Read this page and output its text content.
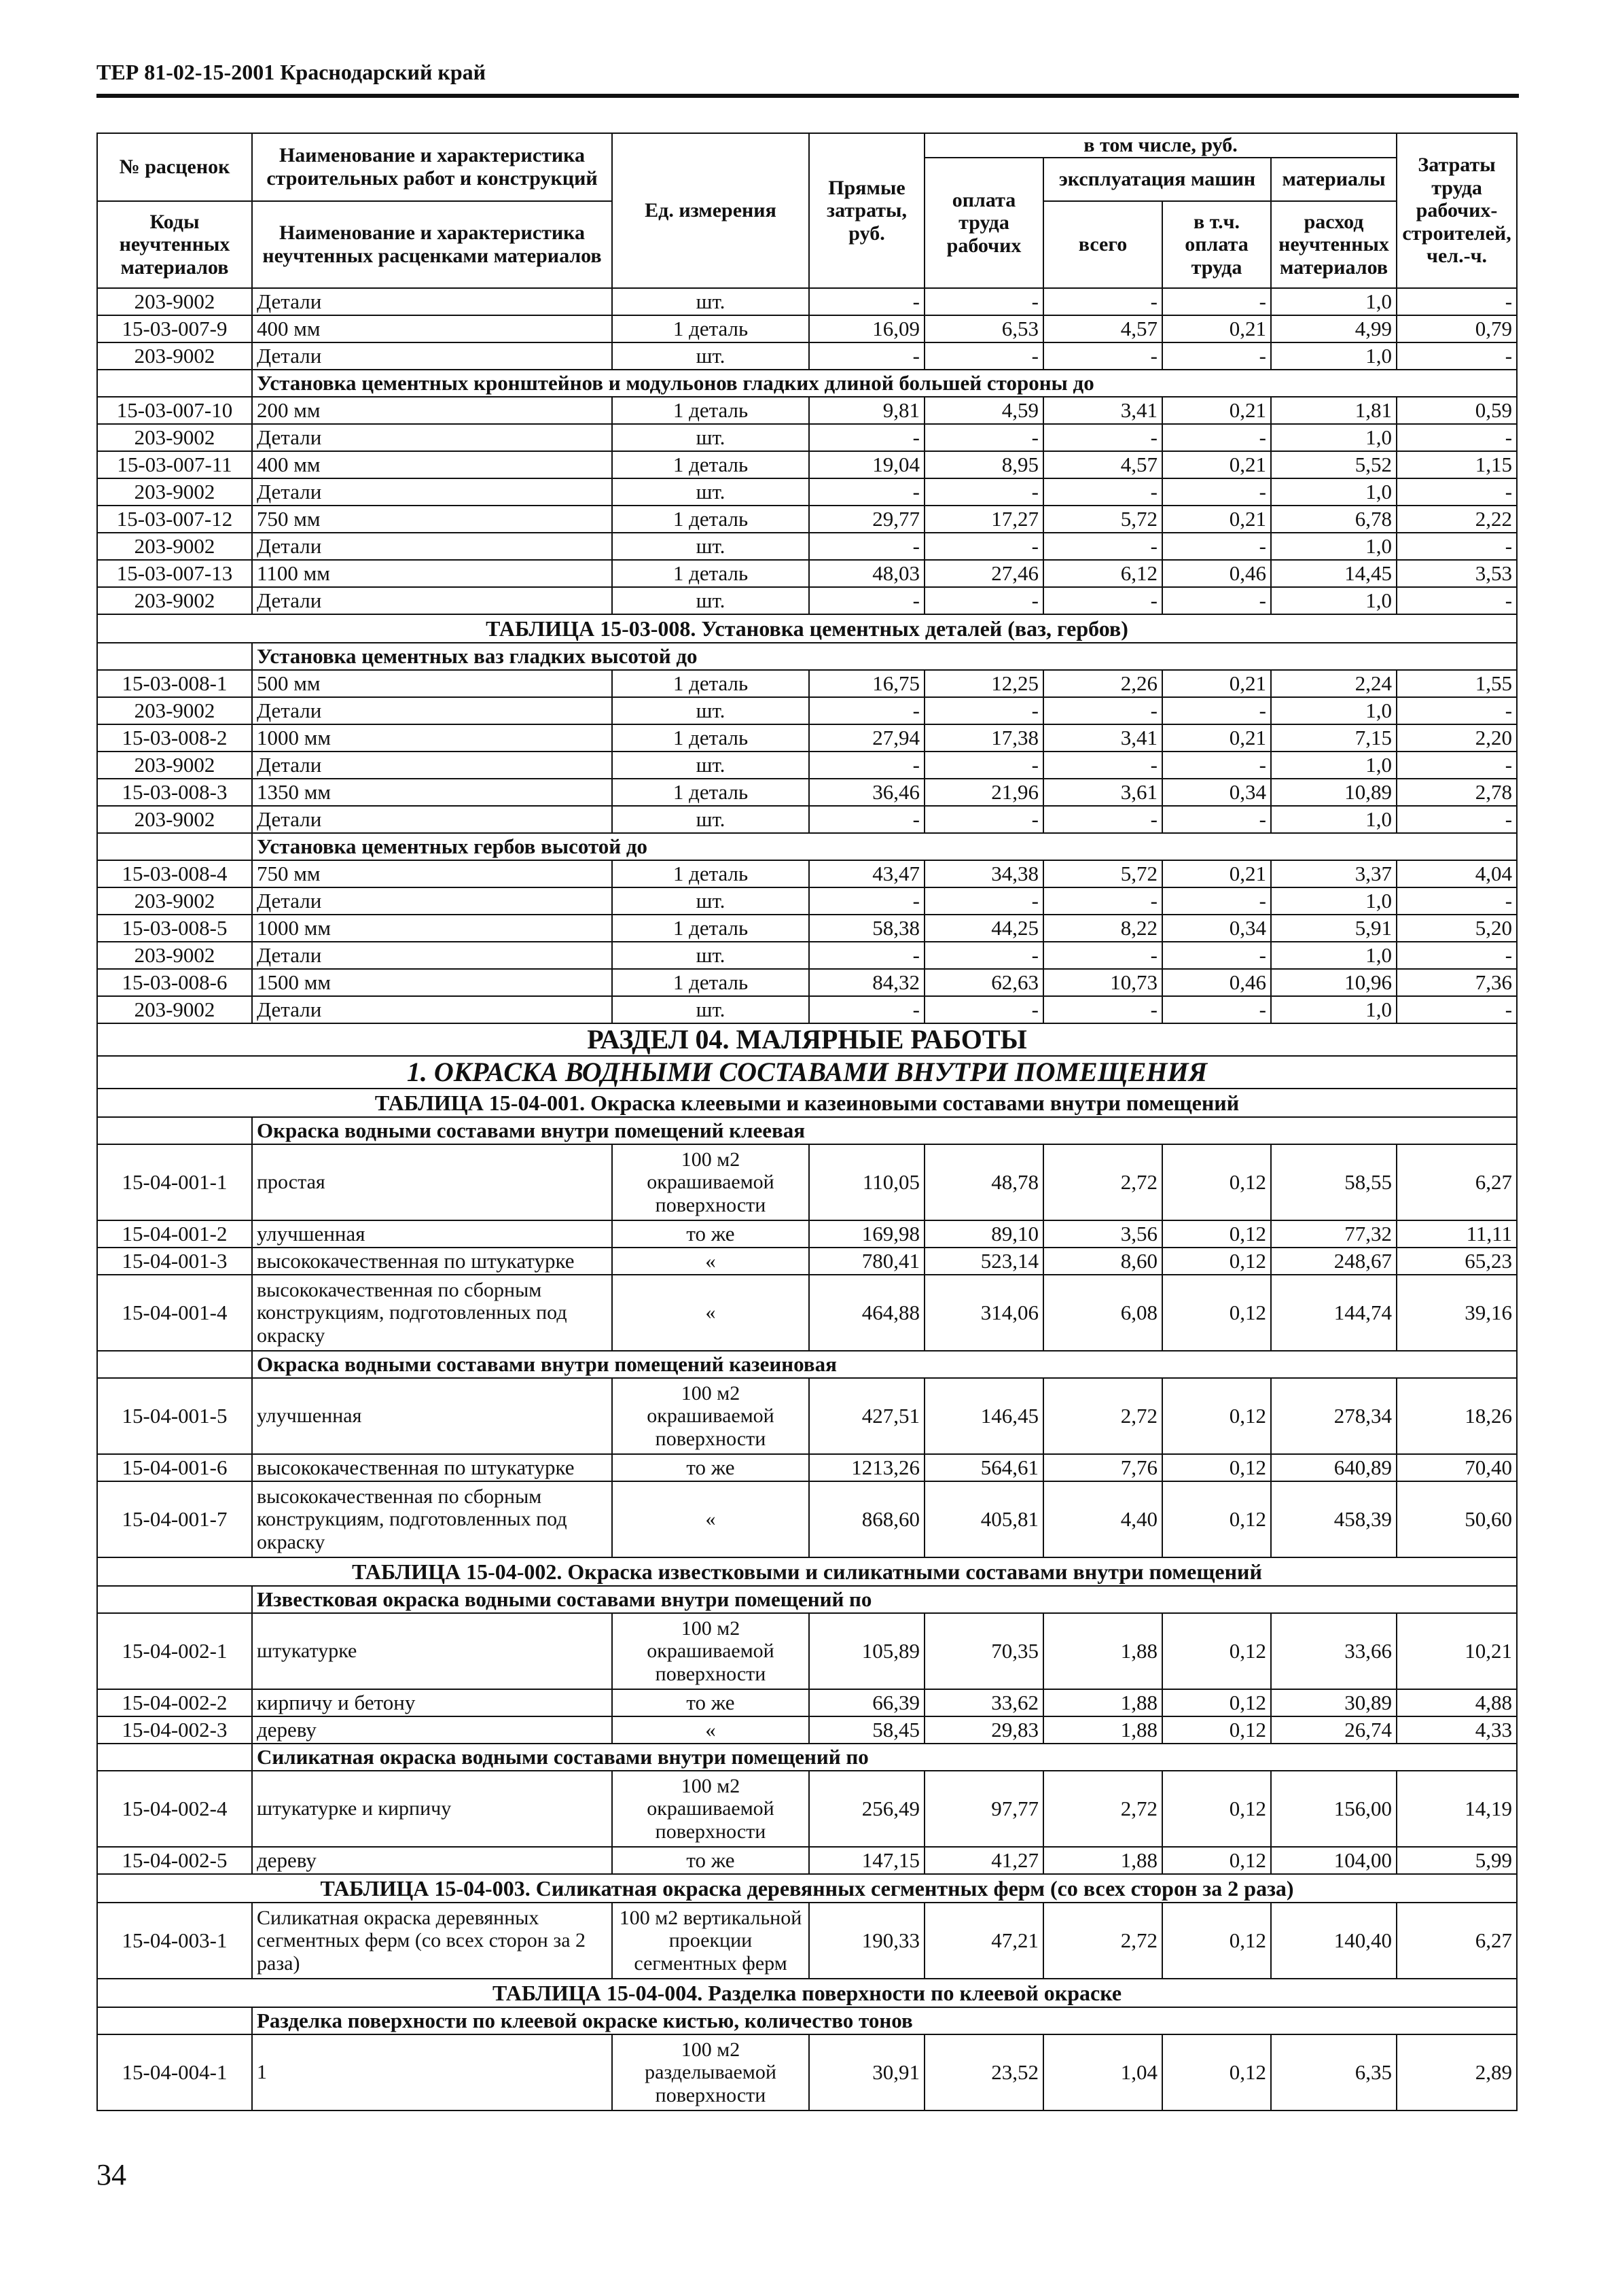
ТЕР 81-02-15-2001 Краснодарский край
№ расценок	Наименование и характеристика строительных работ и конструкций	Ед. измерения	Прямые затраты, руб.	в том числе, руб.				Затраты труда рабочих-строителей, чел.-ч.
				оплата труда рабочих	эксплуатация машин		материалы	

Коды неучтенных материалов	Наименование и характеристика неучтенных расценками материалов				всего	в т.ч. оплата труда	расход неучтенных материалов	

203-9002	Детали	шт.	-	-	-	-	1,0	-
15-03-007-9	400 мм	1 деталь	16,09	6,53	4,57	0,21	4,99	0,79
203-9002	Детали	шт.	-	-	-	-	1,0	-
	Установка цементных кронштейнов и модульонов гладких длиной большей стороны до							
15-03-007-10	200 мм	1 деталь	9,81	4,59	3,41	0,21	1,81	0,59
203-9002	Детали	шт.	-	-	-	-	1,0	-
15-03-007-11	400 мм	1 деталь	19,04	8,95	4,57	0,21	5,52	1,15
203-9002	Детали	шт.	-	-	-	-	1,0	-
15-03-007-12	750 мм	1 деталь	29,77	17,27	5,72	0,21	6,78	2,22
203-9002	Детали	шт.	-	-	-	-	1,0	-
15-03-007-13	1100 мм	1 деталь	48,03	27,46	6,12	0,46	14,45	3,53
203-9002	Детали	шт.	-	-	-	-	1,0	-
ТАБЛИЦА 15-03-008. Установка цементных деталей (ваз, гербов)								
	Установка цементных ваз гладких высотой до							
15-03-008-1	500 мм	1 деталь	16,75	12,25	2,26	0,21	2,24	1,55
203-9002	Детали	шт.	-	-	-	-	1,0	-
15-03-008-2	1000 мм	1 деталь	27,94	17,38	3,41	0,21	7,15	2,20
203-9002	Детали	шт.	-	-	-	-	1,0	-
15-03-008-3	1350 мм	1 деталь	36,46	21,96	3,61	0,34	10,89	2,78
203-9002	Детали	шт.	-	-	-	-	1,0	-
	Установка цементных гербов высотой до							
15-03-008-4	750 мм	1 деталь	43,47	34,38	5,72	0,21	3,37	4,04
203-9002	Детали	шт.	-	-	-	-	1,0	-
15-03-008-5	1000 мм	1 деталь	58,38	44,25	8,22	0,34	5,91	5,20
203-9002	Детали	шт.	-	-	-	-	1,0	-
15-03-008-6	1500 мм	1 деталь	84,32	62,63	10,73	0,46	10,96	7,36
203-9002	Детали	шт.	-	-	-	-	1,0	-
РАЗДЕЛ 04. МАЛЯРНЫЕ РАБОТЫ								
1. ОКРАСКА ВОДНЫМИ СОСТАВАМИ ВНУТРИ ПОМЕЩЕНИЯ								
ТАБЛИЦА 15-04-001. Окраска клеевыми и казеиновыми составами внутри помещений								
	Окраска водными составами внутри помещений клеевая							
15-04-001-1	простая	100 м2 окрашиваемой поверхности	110,05	48,78	2,72	0,12	58,55	6,27
15-04-001-2	улучшенная	то же	169,98	89,10	3,56	0,12	77,32	11,11
15-04-001-3	высококачественная по штукатурке	«	780,41	523,14	8,60	0,12	248,67	65,23
15-04-001-4	высококачественная по сборным конструкциям, подготовленных под окраску	«	464,88	314,06	6,08	0,12	144,74	39,16
	Окраска водными составами внутри помещений казеиновая							
15-04-001-5	улучшенная	100 м2 окрашиваемой поверхности	427,51	146,45	2,72	0,12	278,34	18,26
15-04-001-6	высококачественная по штукатурке	то же	1213,26	564,61	7,76	0,12	640,89	70,40
15-04-001-7	высококачественная по сборным конструкциям, подготовленных под окраску	«	868,60	405,81	4,40	0,12	458,39	50,60
ТАБЛИЦА 15-04-002. Окраска известковыми и силикатными составами внутри помещений								
	Известковая окраска водными составами внутри помещений по							
15-04-002-1	штукатурке	100 м2 окрашиваемой поверхности	105,89	70,35	1,88	0,12	33,66	10,21
15-04-002-2	кирпичу и бетону	то же	66,39	33,62	1,88	0,12	30,89	4,88
15-04-002-3	дереву	«	58,45	29,83	1,88	0,12	26,74	4,33
	Силикатная окраска водными составами внутри помещений по							
15-04-002-4	штукатурке и кирпичу	100 м2 окрашиваемой поверхности	256,49	97,77	2,72	0,12	156,00	14,19
15-04-002-5	дереву	то же	147,15	41,27	1,88	0,12	104,00	5,99
ТАБЛИЦА 15-04-003. Силикатная окраска деревянных сегментных ферм (со всех сторон за 2 раза)								
15-04-003-1	Силикатная окраска деревянных сегментных ферм (со всех сторон за 2 раза)	100 м2 вертикальной проекции сегментных ферм	190,33	47,21	2,72	0,12	140,40	6,27
ТАБЛИЦА 15-04-004. Разделка поверхности по клеевой окраске								
	Разделка поверхности по клеевой окраске кистью, количество тонов							
15-04-004-1	1	100 м2 разделываемой поверхности	30,91	23,52	1,04	0,12	6,35	2,89
34
